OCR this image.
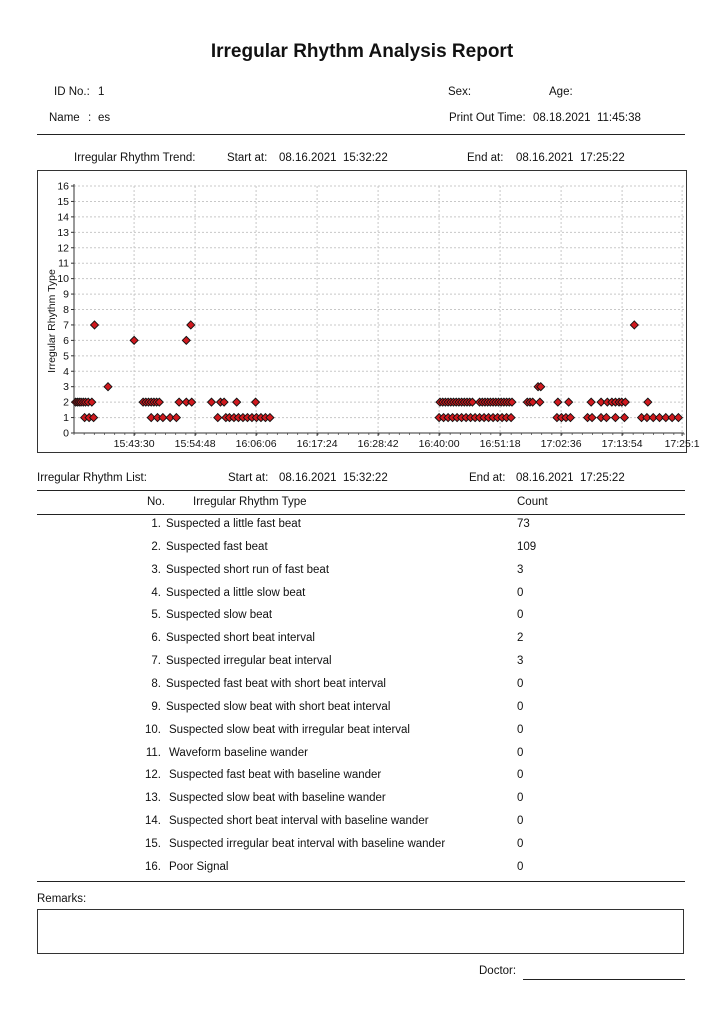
Irregular Rhythm Analysis Report
ID No.: 1	Sex:	Age:
Name : es	Print Out Time: 08.18.2021  11:45:38
Irregular Rhythm Trend:	Start at: 08.16.2021  15:32:22	End at: 08.16.2021  17:25:22
0
1
2
3
4
5
6
7
8
9
10
11
12
13
14
15
16
15:43:30 15:54:48 16:06:06 16:17:24 16:28:42 16:40:00 16:51:18 17:02:36 17:13:54 17:25:1
Irregular Rhythm Type
Irregular Rhythm List:	Start at: 08.16.2021  15:32:22	End at: 08.16.2021  17:25:22
No. Irregular Rhythm Type	Count
1. Suspected a little fast beat	73
2. Suspected fast beat	109
3. Suspected short run of fast beat	3
4. Suspected a little slow beat	0
5. Suspected slow beat	0
6. Suspected short beat interval	2
7. Suspected irregular beat interval	3
8. Suspected fast beat with short beat interval	0
9. Suspected slow beat with short beat interval	0
10. Suspected slow beat with irregular beat interval	0
11. Waveform baseline wander	0
12. Suspected fast beat with baseline wander	0
13. Suspected slow beat with baseline wander	0
14. Suspected short beat interval with baseline wander	0
15. Suspected irregular beat interval with baseline wander	0
16. Poor Signal	0
Remarks:
Doctor:
